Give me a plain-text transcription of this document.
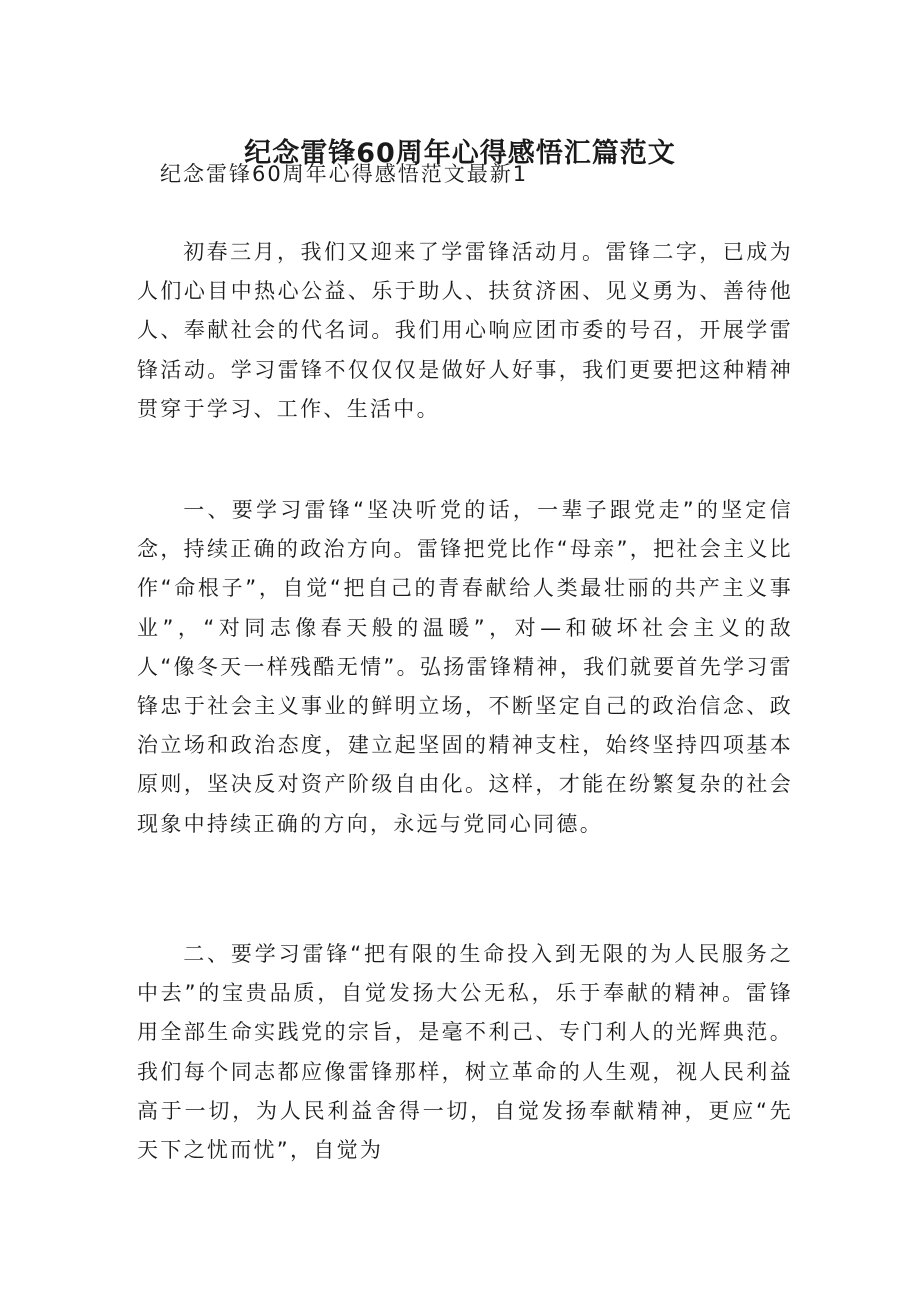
纪念雷锋60周年心得感悟汇篇范文

纪念雷锋60周年心得感悟范文最新1

初春三月，我们又迎来了学雷锋活动月。雷锋二字，已成为人们心目中热心公益、乐于助人、扶贫济困、见义勇为、善待他人、奉献社会的代名词。我们用心响应团市委的号召，开展学雷锋活动。学习雷锋不仅仅仅是做好人好事，我们更要把这种精神贯穿于学习、工作、生活中。

一、要学习雷锋“坚决听党的话，一辈子跟党走”的坚定信念，持续正确的政治方向。雷锋把党比作“母亲”，把社会主义比作“命根子”，自觉“把自己的青春献给人类最壮丽的共产主义事业”，“对同志像春天般的温暖”，对—和破坏社会主义的敌人“像冬天一样残酷无情”。弘扬雷锋精神，我们就要首先学习雷锋忠于社会主义事业的鲜明立场，不断坚定自己的政治信念、政治立场和政治态度，建立起坚固的精神支柱，始终坚持四项基本原则，坚决反对资产阶级自由化。这样，才能在纷繁复杂的社会现象中持续正确的方向，永远与党同心同德。

二、要学习雷锋“把有限的生命投入到无限的为人民服务之中去”的宝贵品质，自觉发扬大公无私，乐于奉献的精神。雷锋用全部生命实践党的宗旨，是毫不利己、专门利人的光辉典范。我们每个同志都应像雷锋那样，树立革命的人生观，视人民利益高于一切，为人民利益舍得一切，自觉发扬奉献精神，更应“先天下之忧而忧”，自觉为
